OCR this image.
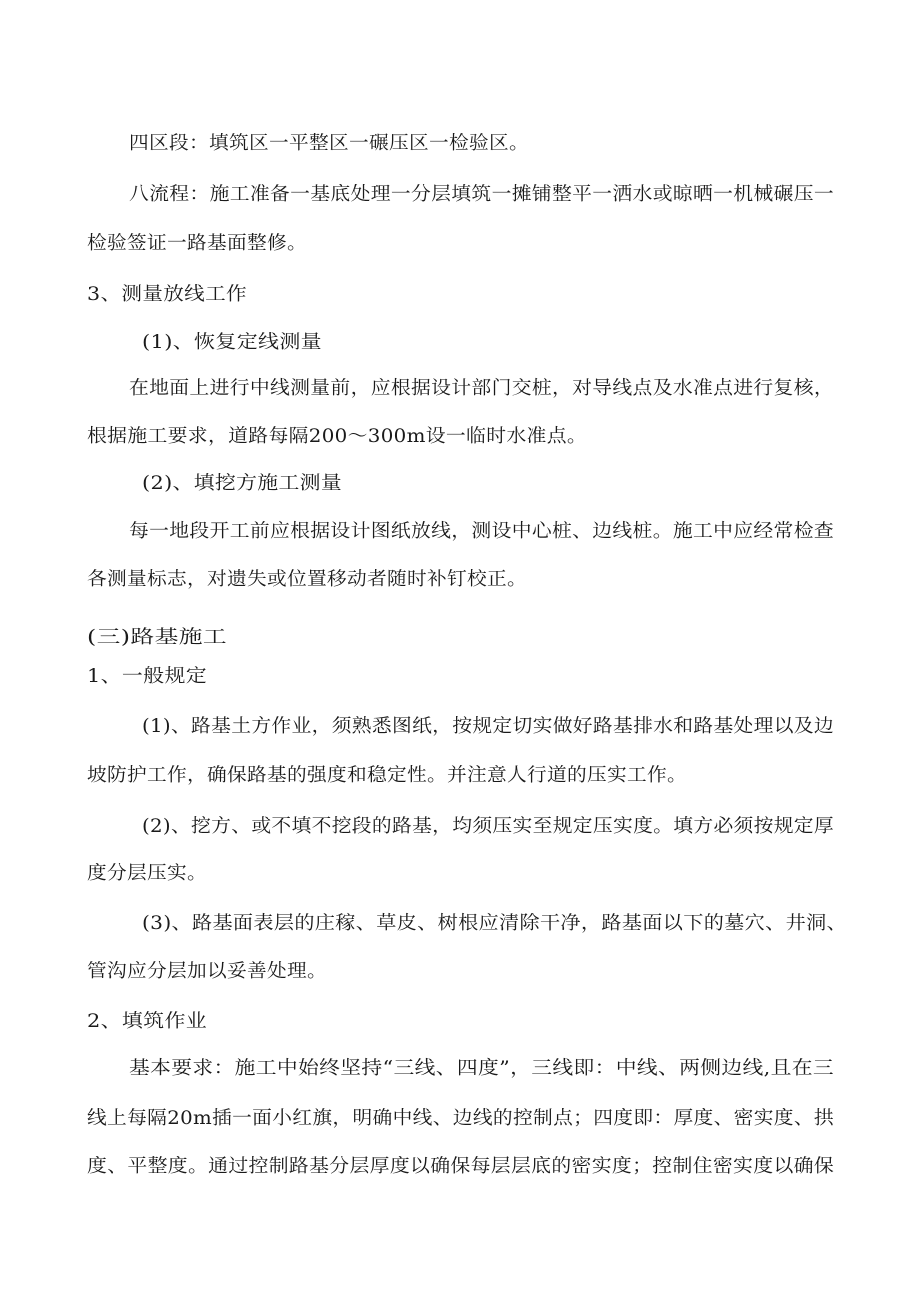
四区段：填筑区一平整区一碾压区一检验区。
八流程：施工准备一基底处理一分层填筑一摊铺整平一洒水或晾晒一机械碾压一
检验签证一路基面整修。
3、测量放线工作
(1)、恢复定线测量
在地面上进行中线测量前，应根据设计部门交桩，对导线点及水准点进行复核，
根据施工要求，道路每隔200～300m设一临时水准点。
(2)、填挖方施工测量
每一地段开工前应根据设计图纸放线，测设中心桩、边线桩。施工中应经常检查
各测量标志，对遗失或位置移动者随时补钉校正。
(三)路基施工
1、一般规定
(1)、路基土方作业，须熟悉图纸，按规定切实做好路基排水和路基处理以及边
坡防护工作，确保路基的强度和稳定性。并注意人行道的压实工作。
(2)、挖方、或不填不挖段的路基，均须压实至规定压实度。填方必须按规定厚
度分层压实。
(3)、路基面表层的庄稼、草皮、树根应清除干净，路基面以下的墓穴、井洞、
管沟应分层加以妥善处理。
2、填筑作业
基本要求：施工中始终坚持“三线、四度”，三线即：中线、两侧边线,且在三
线上每隔20m插一面小红旗，明确中线、边线的控制点；四度即：厚度、密实度、拱
度、平整度。通过控制路基分层厚度以确保每层层底的密实度；控制住密实度以确保
